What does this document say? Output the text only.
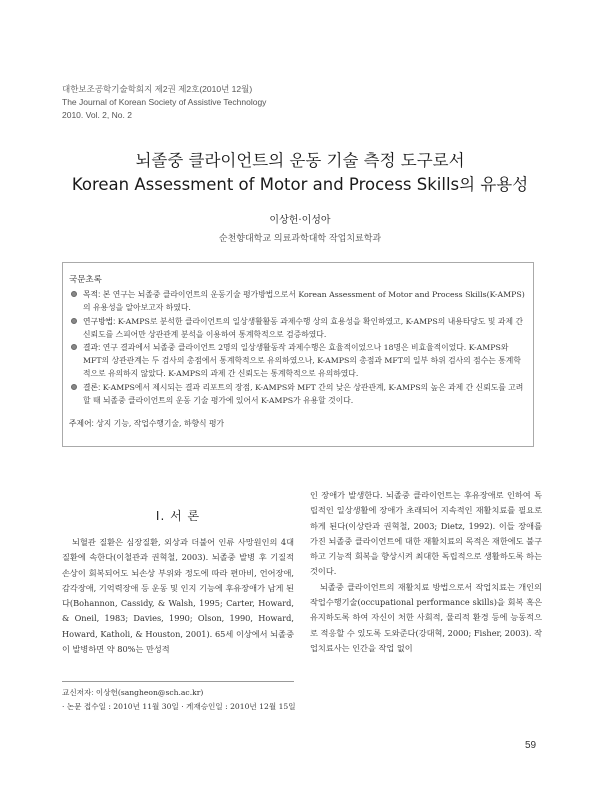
대한보조공학기술학회지 제2권 제2호(2010년 12월)
The Journal of Korean Society of Assistive Technology
2010. Vol. 2, No. 2
뇌졸중 클라이언트의 운동 기술 측정 도구로서
Korean Assessment of Motor and Process Skills의 유용성
이상헌·이성아
순천향대학교 의료과학대학 작업치료학과
국문초록

목적: 본 연구는 뇌졸중 클라이언트의 운동기술 평가방법으로서 Korean Assessment of Motor and Process Skills(K-AMPS)의 유용성을 알아보고자 하였다.

연구방법: K-AMPS로 분석한 클라이언트의 일상생활활동 과제수행 상의 효용성을 확인하였고, K-AMPS의 내용타당도 및 과제 간 신뢰도를 스피어만 상관관계 분석을 이용하여 통계학적으로 검증하였다.

결과: 연구 결과에서 뇌졸중 클라이언트 2명의 일상생활동작 과제수행은 효율적이었으나 18명은 비효율적이었다. K-AMPS와 MFT의 상관관계는 두 검사의 총점에서 통계학적으로 유의하였으나, K-AMPS의 총점과 MFT의 일부 하위 검사의 점수는 통계학적으로 유의하지 않았다. K-AMPS의 과제 간 신뢰도는 통계학적으로 유의하였다.

결론: K-AMPS에서 제시되는 결과 리포트의 장점, K-AMPS와 MFT 간의 낮은 상관관계, K-AMPS의 높은 과제 간 신뢰도를 고려할 때 뇌졸중 클라이언트의 운동 기술 평가에 있어서 K-AMPS가 유용할 것이다.

주제어: 상지 기능, 작업수행기술, 하향식 평가
I. 서 론

뇌혈관 질환은 심장질환, 외상과 더불어 인류 사망원인의 4대 질환에 속한다(이철관과 권혁철, 2003). 뇌졸중 발병 후 기질적 손상이 회복되어도 뇌손상 부위와 정도에 따라 편마비, 언어장애, 감각장애, 기억력장애 등 운동 및 인지 기능에 후유장애가 남게 된다(Bohannon, Cassidy, & Walsh, 1995; Carter, Howard, & Oneil, 1983; Davies, 1990; Olson, 1990, Howard, Howard, Katholi, & Houston, 2001). 65세 이상에서 뇌졸중이 발병하면 약 80%는 만성적

인 장애가 발생한다. 뇌졸중 클라이언트는 후유장애로 인하여 독립적인 일상생활에 장애가 초래되어 지속적인 재활치료를 필요로 하게 된다(이상란과 권혁철, 2003; Dietz, 1992). 이들 장애를 가진 뇌졸중 클라이언트에 대한 재활치료의 목적은 재한에도 불구하고 기능적 회복을 향상시켜 최대한 독립적으로 생활하도록 하는 것이다.

뇌졸중 클라이언트의 재활치료 방법으로서 작업치료는 개인의 작업수행기술(occupational performance skills)을 회복 혹은 유지하도록 하여 자신이 처한 사회적, 물리적 환경 등에 능동적으로 적응할 수 있도록 도와준다(강대혁, 2000; Fisher, 2003). 작업치료사는 인간을 작업 없이

교신저자: 이상헌(sangheon@sch.ac.kr)
· 논문 접수일 : 2010년 11월 30일 · 게재승인일 : 2010년 12월 15일
59
